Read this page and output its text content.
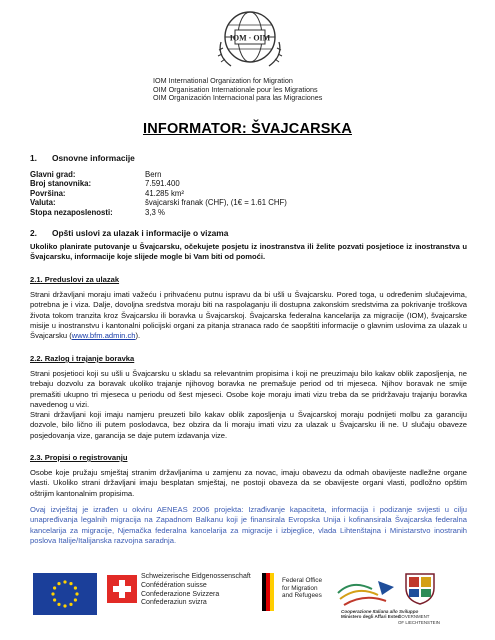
IOM · OIM
IOM International Organization for Migration
OIM Organisation Internationale pour les Migrations
OIM Organización Internacional para las Migraciones
INFORMATOR: ŠVAJCARSKA
1. Osnovne informacije
Glavni grad:	Bern
Broj stanovnika:	7.591.400
Površina:	41.285 km²
Valuta:	švajcarski franak (CHF), (1€ = 1.61 CHF)
Stopa nezaposlenosti:	3,3 %
2. Opšti uslovi za ulazak i informacije o vizama
Ukoliko planirate putovanje u Švajcarsku, očekujete posjetu iz inostranstva ili želite pozvati posjetioce iz inostranstva u Švajcarsku, informacije koje slijede mogle bi Vam biti od pomoći.
2.1. Preduslovi za ulazak
Strani državljani moraju imati važeću i prihvaćenu putnu ispravu da bi ušli u Švajcarsku. Pored toga, u određenim slučajevima, potrebna je i viza. Dalje, dovoljna sredstva moraju biti na raspolaganju ili dostupna zakonskim sredstvima za pokrivanje troškova života tokom tranzita kroz Švajcarsku ili boravka u Švajcarskoj. Švajcarska federalna kancelarija za migracije (IOM), švajcarske misije u inostranstvu i kantonalni policijski organi za pitanja stranaca rado će saopštiti informacije o glavnim uslovima za ulazak u Švajcarsku (www.bfm.admin.ch).
2.2. Razlog i trajanje boravka
Strani posjetioci koji su ušli u Švajcarsku u skladu sa relevantnim propisima i koji ne preuzimaju bilo kakav oblik zaposljenja, ne trebaju dozvolu za boravak ukoliko trajanje njihovog boravka ne premašuje period od tri mjeseca. Njihov boravak ne smije premašiti ukupno tri mjeseca u periodu od šest mjeseci. Osobe koje moraju imati vizu treba da se pridržavaju trajanju boravka navedenog u vizi.
Strani državljani koji imaju namjeru preuzeti bilo kakav oblik zaposljenja u Švajcarskoj moraju podnijeti molbu za garanciju dozvole, bilo lično ili putem poslodavca, bez obzira da li moraju imati vizu za ulazak u Švajcarsku ili ne. U slučaju obaveze posjedovanja vize, garancija se daje putem izdavanja vize.
2.3. Propisi o registrovanju
Osobe koje pružaju smještaj stranim državljanima u zamjenu za novac, imaju obavezu da odmah obavijeste nadležne organe vlasti. Ukoliko strani državljani imaju besplatan smještaj, ne postoji obaveza da se obavijeste organi vlasti, podložno opštim oštrijim kantonalnim propisima.
Ovaj izvještaj je izrađen u okviru AENEAS 2006 projekta: Izrađivanje kapaciteta, informacija i podizanje svijesti u cilju unapređivanja legalnih migracija na Zapadnom Balkanu koji je finansirala Evropska Unija i kofinansirala Švajcarska federalna kancelarija za migracije, Njemačka federalna kancelarija za migracije i izbjeglice, vlada Lihtenštajna i Ministarstvo inostranih poslova Italije/Italijanska razvojna saradnja.
Schweizerische Eidgenossenschaft
Confédération suisse
Confederazione Svizzera
Confederaziun svizra
Federal Office
for Migration
and Refugees
Cooperazione Italiana allo Sviluppo
Ministero degli Affari Esteri
GOVERNMENT
OF LIECHTENSTEIN
